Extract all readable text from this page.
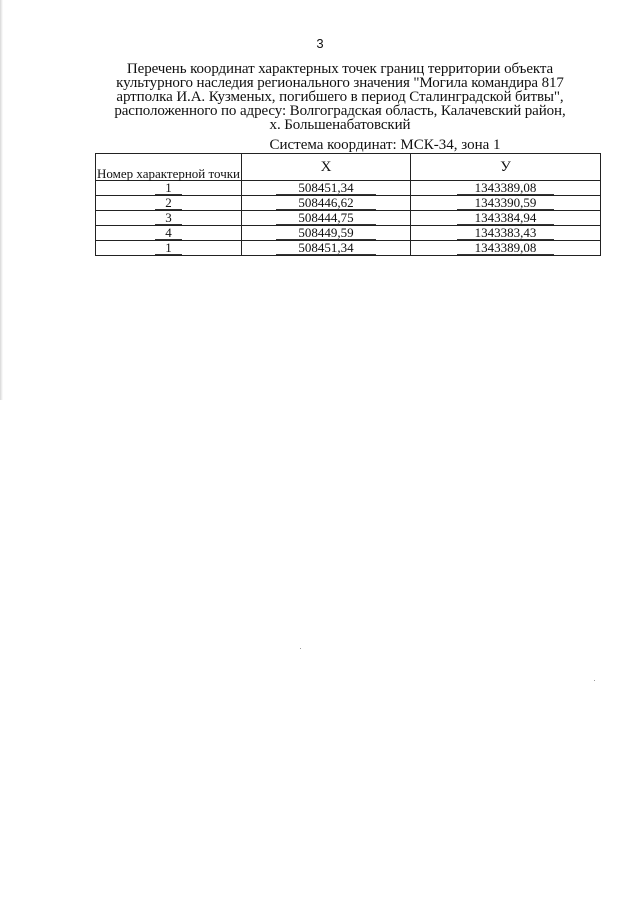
3
Перечень координат характерных точек границ территории объекта
культурного наследия регионального значения "Могила командира 817
артполка И.А. Кузменых, погибшего в период Сталинградской битвы",
расположенного по адресу: Волгоградская область, Калачевский район,
х. Большенабатовский
Система координат: МСК-34, зона 1
Номер характерной точки	Х	У
1	508451,34	1343389,08
2	508446,62	1343390,59
3	508444,75	1343384,94
4	508449,59	1343383,43
1	508451,34	1343389,08
